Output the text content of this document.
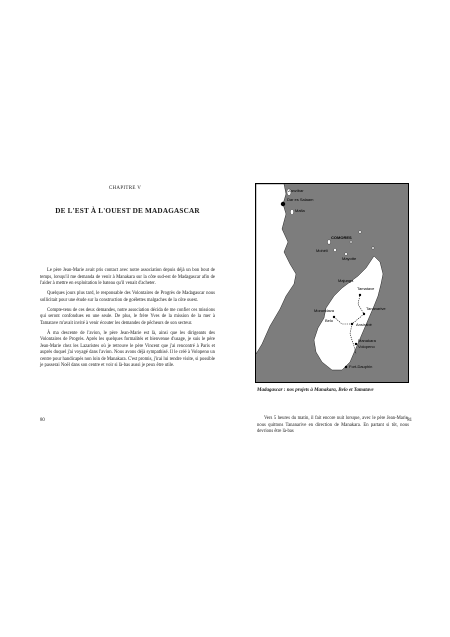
CHAPITRE V
DE L'EST À L'OUEST DE MADAGASCAR

Le père Jean-Marie avait pris contact avec notre association depuis déjà un bon bout de temps, lorsqu'il me demanda de venir à Manakara sur la côte sud-est de Madagascar afin de l'aider à mettre en exploitation le bateau qu'il venait d'acheter.

Quelques jours plus tard, le responsable des Volontaires de Progrès de Madagascar nous sollicitait pour une étude sur la construction de goélettes malgaches de la côte ouest.

Compte-tenu de ces deux demandes, notre association décida de me confier ces missions qui seront confondues en une seule. De plus, le frère Yves de la mission de la mer à Tamatave m'avait invité à venir écouter les demandes de pêcheurs de son secteur.

À ma descente de l'avion, le père Jean-Marie est là, ainsi que les dirigeants des Volontaires de Progrès. Après les quelques formalités et bienvenue d'usage, je suis le père Jean-Marie chez les Lazaristes où je retrouve le père Vincent que j'ai rencontré à Paris et auprès duquel j'ai voyagé dans l'avion. Nous avons déjà sympathisé. Il le créé à Volopeno un centre pour handicapés non loin de Manakara. C'est promis, j'irai lui rendre visite, si possible je passerai Noël dans son centre et voir si là-bas aussi je peux être utile.

80
Zanzibar
Dar es Salaam
Mafia
COMORES
Mohéli
Mayotte
Majunga
Tamatave
Tananarive
Morondava
Belo
Ansirabé
Manakara
Volopeno
Fort-Dauphin
Madagascar : nos projets à Manakara, Belo et Tamatave

Vers 5 heures du matin, il fait encore nuit lorsque, avec le père Jean-Marie, nous quittons Tananarive en direction de Manakara. En partant si tôt, nous devrions être là-bas

81
